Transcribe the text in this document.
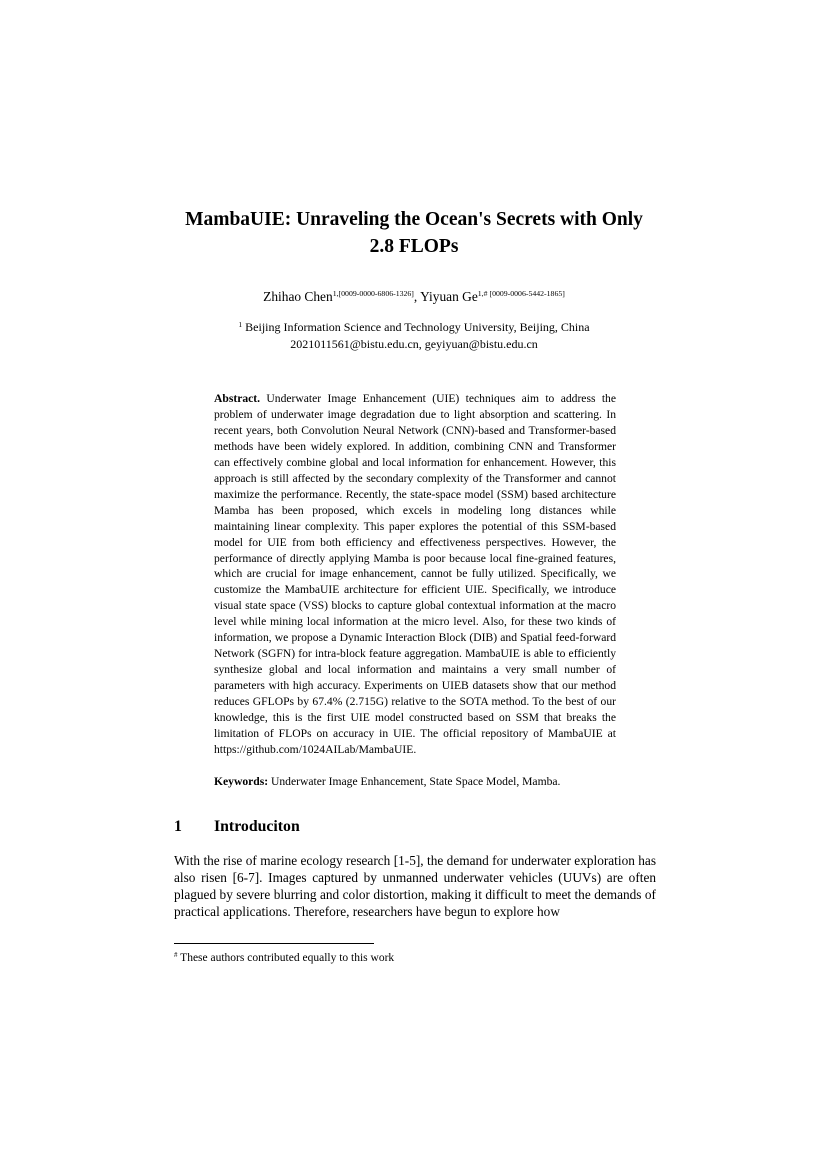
MambaUIE: Unraveling the Ocean's Secrets with Only
2.8 FLOPs
Zhihao Chen$^{1,[0009-0000-6806-1326]}$, Yiyuan $Ge^{1,\# [0009-0006-5442-1865]}$
$^1$ Beijing Information Science and Technology University, Beijing, China
2021011561@bistu.edu.cn, geyiyuan@bistu.edu.cn

Abstract. Underwater Image Enhancement (UIE) techniques aim to address the problem of underwater image degradation due to light absorption and scattering. In recent years, both Convolution Neural Network (CNN)-based and Transformer-based methods have been widely explored. In addition, combining CNN and Transformer can effectively combine global and local information for enhancement. However, this approach is still affected by the secondary complexity of the Transformer and cannot maximize the performance. Recently, the state-space model (SSM) based architecture Mamba has been proposed, which excels in modeling long distances while maintaining linear complexity. This paper explores the potential of this SSM-based model for UIE from both efficiency and effectiveness perspectives. However, the performance of directly applying Mamba is poor because local fine-grained features, which are crucial for image enhancement, cannot be fully utilized. Specifically, we customize the MambaUIE architecture for efficient UIE. Specifically, we introduce visual state space (VSS) blocks to capture global contextual information at the macro level while mining local information at the micro level. Also, for these two kinds of information, we propose a Dynamic Interaction Block (DIB) and Spatial feed-forward Network (SGFN) for intra-block feature aggregation. MambaUIE is able to efficiently synthesize global and local information and maintains a very small number of parameters with high accuracy. Experiments on UIEB datasets show that our method reduces GFLOPs by 67.4% (2.715G) relative to the SOTA method. To the best of our knowledge, this is the first UIE model constructed based on SSM that breaks the limitation of FLOPs on accuracy in UIE. The official repository of MambaUIE at https://github.com/1024AILab/MambaUIE.

Keywords: Underwater Image Enhancement, State Space Model, Mamba.

1 Introduciton

With the rise of marine ecology research [1-5], the demand for underwater exploration has also risen [6-7]. Images captured by unmanned underwater vehicles (UUVs) are often plagued by severe blurring and color distortion, making it difficult to meet the demands of practical applications. Therefore, researchers have begun to explore how

# These authors contributed equally to this work
